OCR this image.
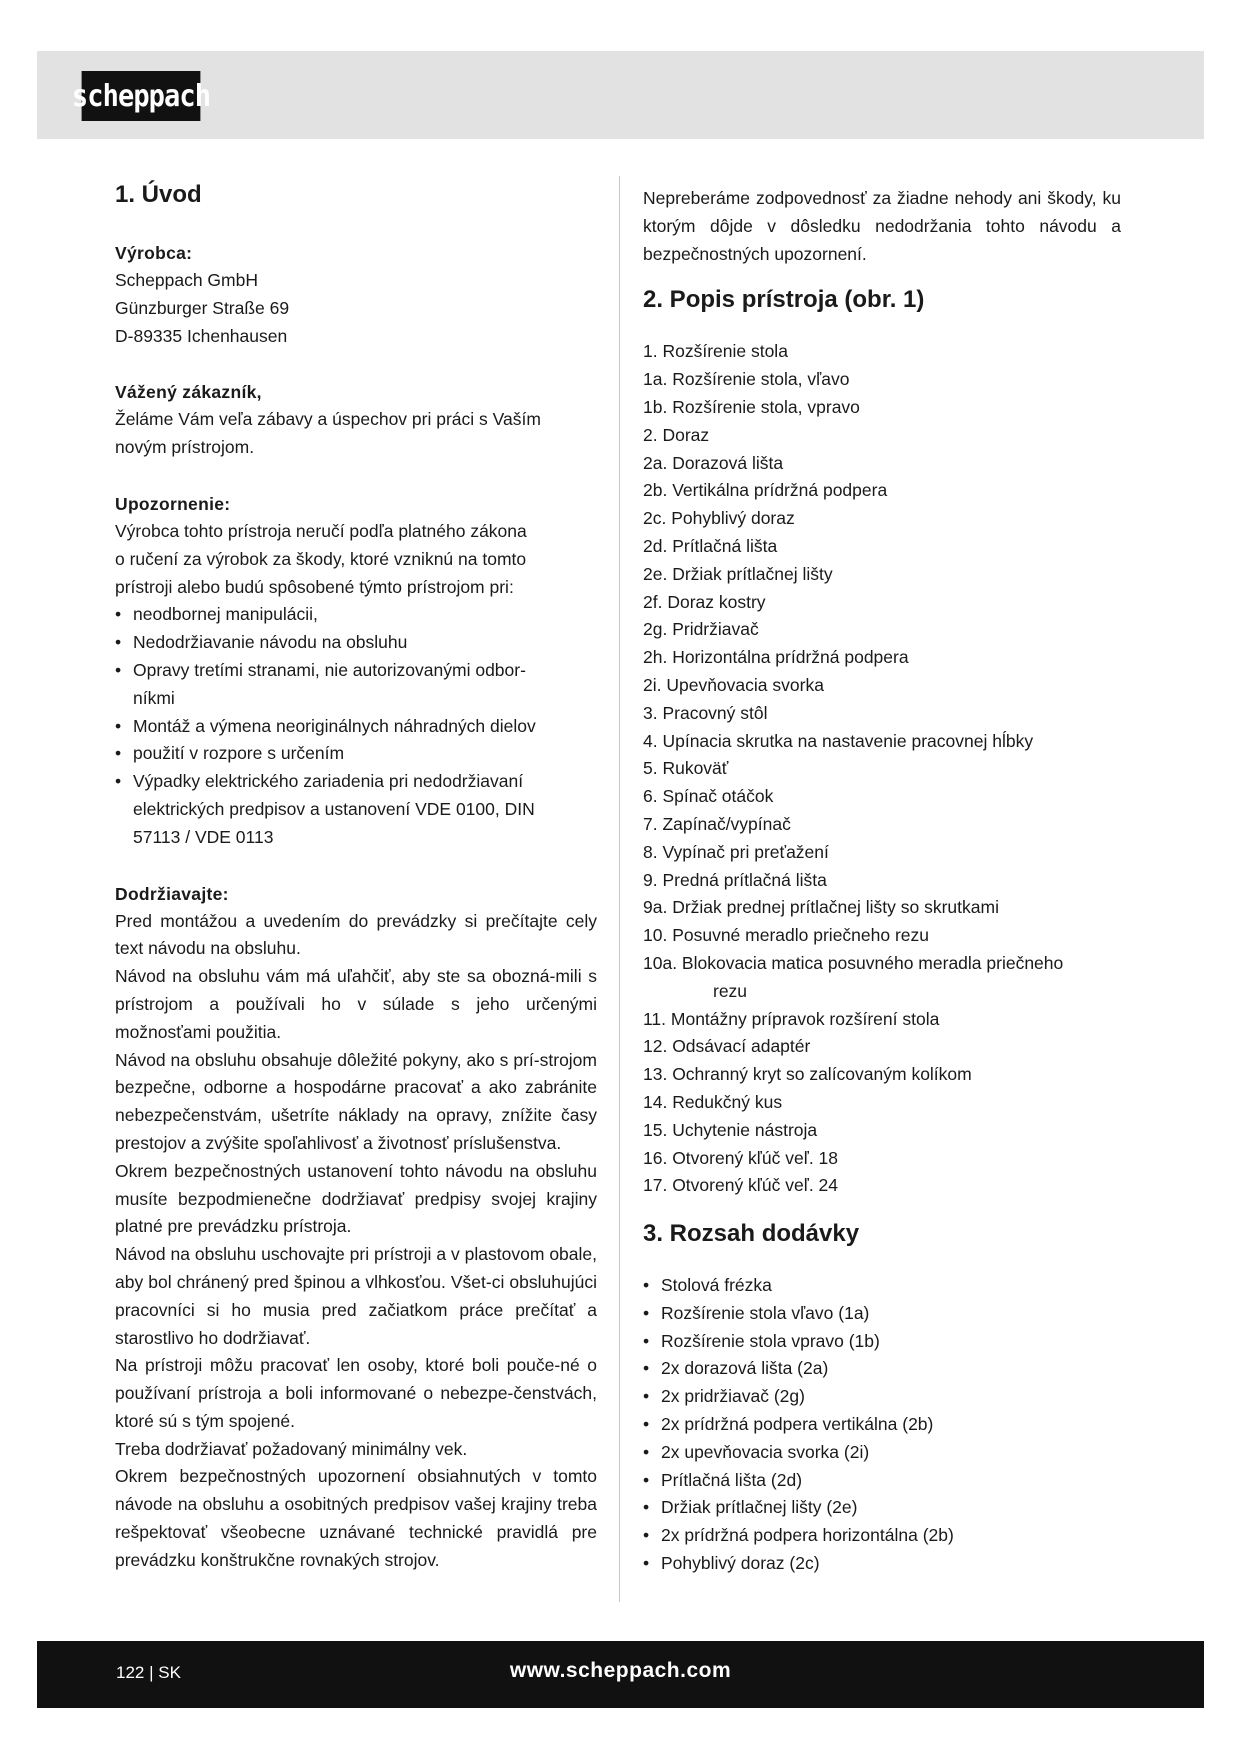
scheppach
1. Úvod

Výrobca:

Scheppach GmbH

Günzburger Straße 69

D-89335 Ichenhausen

Vážený zákazník,

Želáme Vám veľa zábavy a úspechov pri práci s Vaším

novým prístrojom.

Upozornenie:

Výrobca tohto prístroja neručí podľa platného zákona

o ručení za výrobok za škody, ktoré vzniknú na tomto

prístroji alebo budú spôsobené týmto prístrojom pri:

• neodbornej manipulácii,
• Nedodržiavanie návodu na obsluhu
• Opravy tretími stranami, nie autorizovanými odbor-  níkmi
• Montáž a výmena neoriginálnych náhradných dielov
• použití v rozpore s určením
• Výpadky elektrického zariadenia pri nedodržiavaní elektrických predpisov a ustanovení VDE 0100, DIN 57113 / VDE 0113

Dodržiavajte:

Pred montážou a uvedením do prevádzky si prečítajte cely text návodu na obsluhu.

Návod na obsluhu vám má uľahčiť, aby ste sa obozná-mili s prístrojom a používali ho v súlade s jeho určenými možnosťami použitia.

Návod na obsluhu obsahuje dôležité pokyny, ako s prí-strojom bezpečne, odborne a hospodárne pracovať a ako zabránite nebezpečenstvám, ušetríte náklady na opravy, znížite časy prestojov a zvýšite spoľahlivosť a životnosť príslušenstva.

Okrem bezpečnostných ustanovení tohto návodu na obsluhu musíte bezpodmienečne dodržiavať predpisy svojej krajiny platné pre prevádzku prístroja.

Návod na obsluhu uschovajte pri prístroji a v plastovom obale, aby bol chránený pred špinou a vlhkosťou. Všet-ci obsluhujúci pracovníci si ho musia pred začiatkom práce prečítať a starostlivo ho dodržiavať.

Na prístroji môžu pracovať len osoby, ktoré boli pouče-né o používaní prístroja a boli informované o nebezpe-čenstvách, ktoré sú s tým spojené.

Treba dodržiavať požadovaný minimálny vek.

Okrem bezpečnostných upozornení obsiahnutých v tomto návode na obsluhu a osobitných predpisov vašej krajiny treba rešpektovať všeobecne uznávané technické pravidlá pre prevádzku konštrukčne rovnakých strojov.

Nepreberáme zodpovednosť za žiadne nehody ani škody, ku ktorým dôjde v dôsledku nedodržania tohto návodu a bezpečnostných upozornení.

2. Popis prístroja (obr. 1)
1. Rozšírenie stola
1a. Rozšírenie stola, vľavo
1b. Rozšírenie stola, vpravo
2. Doraz
2a. Dorazová lišta
2b. Vertikálna prídržná podpera
2c. Pohyblivý doraz
2d. Prítlačná lišta
2e. Držiak prítlačnej lišty
2f. Doraz kostry
2g. Pridržiavač
2h. Horizontálna prídržná podpera
2i. Upevňovacia svorka
3. Pracovný stôl
4. Upínacia skrutka na nastavenie pracovnej hĺbky
5. Rukoväť
6. Spínač otáčok
7. Zapínač/vypínač
8. Vypínač pri preťažení
9. Predná prítlačná lišta
9a. Držiak prednej prítlačnej lišty so skrutkami
10. Posuvné meradlo priečneho rezu
10a. Blokovacia matica posuvného meradla priečneho
rezu
11. Montážny prípravok rozšírení stola
12. Odsávací adaptér
13. Ochranný kryt so zalícovaným kolíkom
14. Redukčný kus
15. Uchytenie nástroja
16. Otvorený kľúč veľ. 18
17. Otvorený kľúč veľ. 24
3. Rozsah dodávky
• Stolová frézka
• Rozšírenie stola vľavo (1a)
• Rozšírenie stola vpravo (1b)
• 2x dorazová lišta (2a)
• 2x pridržiavač (2g)
• 2x prídržná podpera vertikálna (2b)
• 2x upevňovacia svorka (2i)
• Prítlačná lišta (2d)
• Držiak prítlačnej lišty (2e)
• 2x prídržná podpera horizontálna (2b)
• Pohyblivý doraz (2c)
122 | SK	www.scheppach.com
